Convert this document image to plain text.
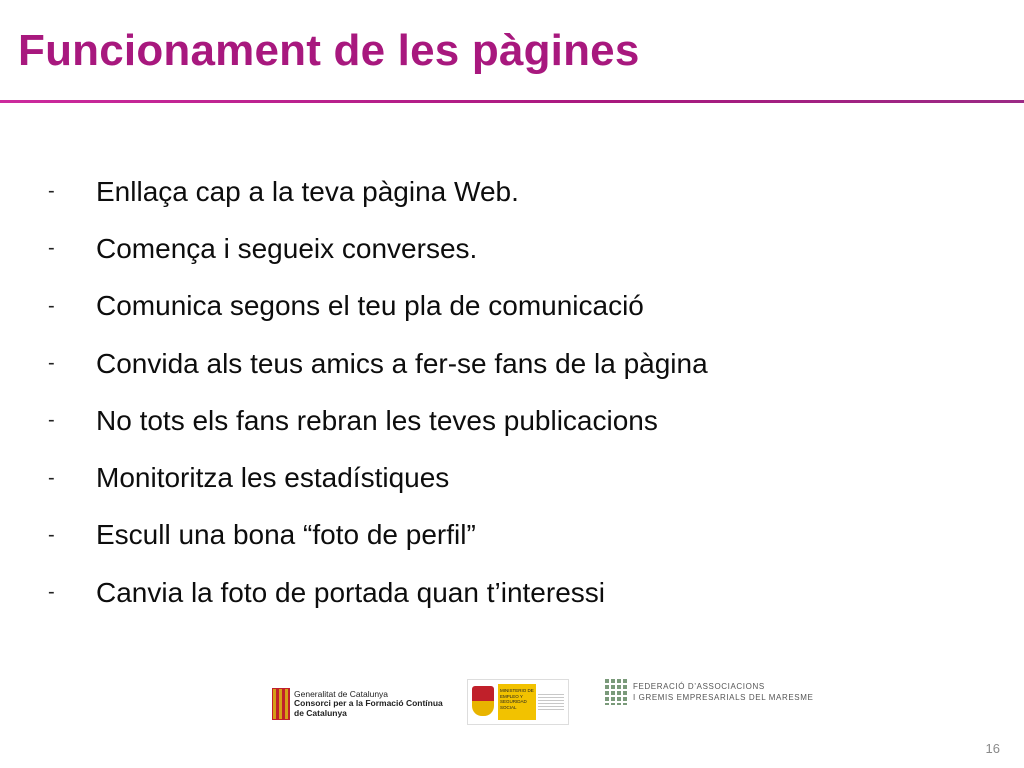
Funcionament de les pàgines
-	Enllaça cap a la teva pàgina Web.
-	Comença i segueix converses.
-	Comunica segons el teu pla de comunicació
-	Convida als teus amics a fer-se fans de la pàgina
-	No tots els fans rebran les teves publicacions
-	Monitoritza les estadístiques
-	Escull una bona “foto de perfil”
-	Canvia la foto de portada quan t’interessi
Generalitat de Catalunya
Consorci per a la Formació Contínua
de Catalunya
MINISTERIO DE EMPLEO Y SEGURIDAD SOCIAL
FEDERACIÓ D’ASSOCIACIONS
I GREMIS EMPRESARIALS DEL MARESME
16
